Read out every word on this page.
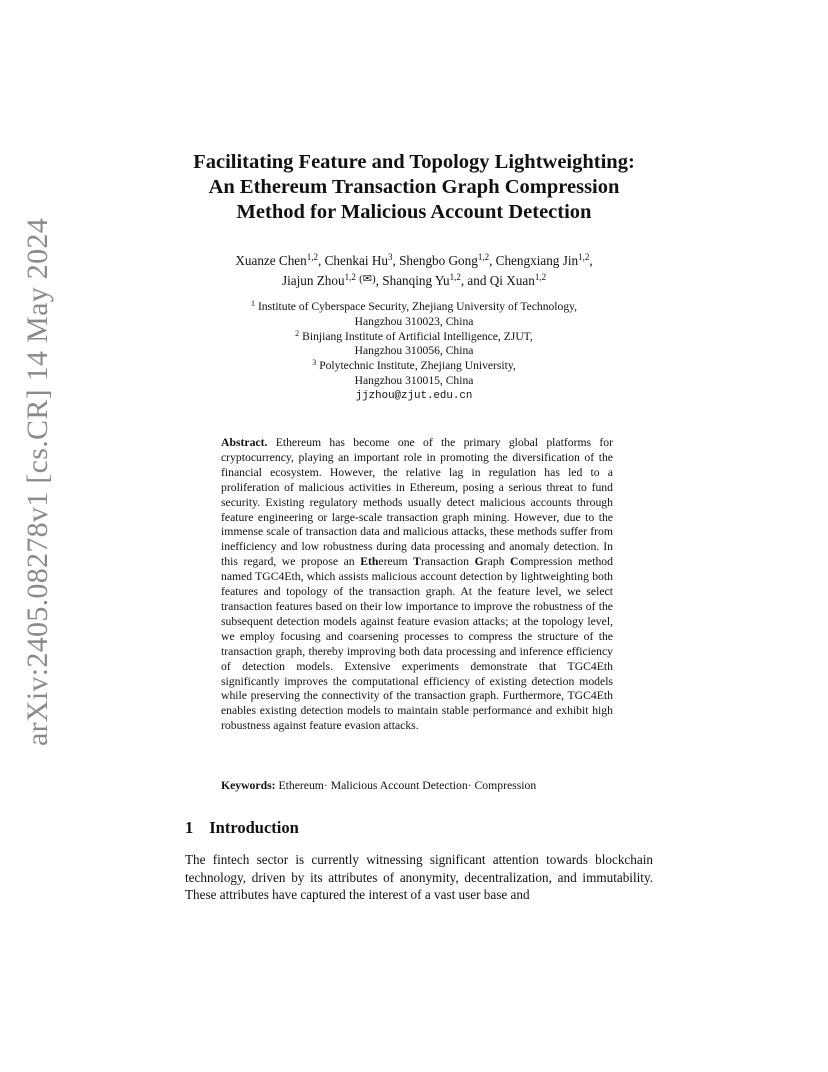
arXiv:2405.08278v1 [cs.CR] 14 May 2024
Facilitating Feature and Topology Lightweighting:
An Ethereum Transaction Graph Compression
Method for Malicious Account Detection
Xuanze Chen$^{1,2}$, Chenkai Hu$^3$, Shengbo Gong$^{1,2}$, Chengxiang Jin$^{1,2}$,
Jiajun Zhou$^{1,2}$ (✉), Shanqing Yu$^{1,2}$, and Qi Xuan$^{1,2}$
$^1$ Institute of Cyberspace Security, Zhejiang University of Technology,
Hangzhou 310023, China
$^2$ Binjiang Institute of Artificial Intelligence, ZJUT,
Hangzhou 310056, China
$^3$ Polytechnic Institute, Zhejiang University,
Hangzhou 310015, China
jjzhou@zjut.edu.cn
Abstract. Ethereum has become one of the primary global platforms for cryptocurrency, playing an important role in promoting the diversification of the financial ecosystem. However, the relative lag in regulation has led to a proliferation of malicious activities in Ethereum, posing a serious threat to fund security. Existing regulatory methods usually detect malicious accounts through feature engineering or large-scale transaction graph mining. However, due to the immense scale of transaction data and malicious attacks, these methods suffer from inefficiency and low robustness during data processing and anomaly detection. In this regard, we propose an Ethereum Transaction Graph Compression method named TGC4Eth, which assists malicious account detection by lightweighting both features and topology of the transaction graph. At the feature level, we select transaction features based on their low importance to improve the robustness of the subsequent detection models against feature evasion attacks; at the topology level, we employ focusing and coarsening processes to compress the structure of the transaction graph, thereby improving both data processing and inference efficiency of detection models. Extensive experiments demonstrate that TGC4Eth significantly improves the computational efficiency of existing detection models while preserving the connectivity of the transaction graph. Furthermore, TGC4Eth enables existing detection models to maintain stable performance and exhibit high robustness against feature evasion attacks.
Keywords: Ethereum· Malicious Account Detection· Compression
1 Introduction
The fintech sector is currently witnessing significant attention towards blockchain technology, driven by its attributes of anonymity, decentralization, and immutability. These attributes have captured the interest of a vast user base and
